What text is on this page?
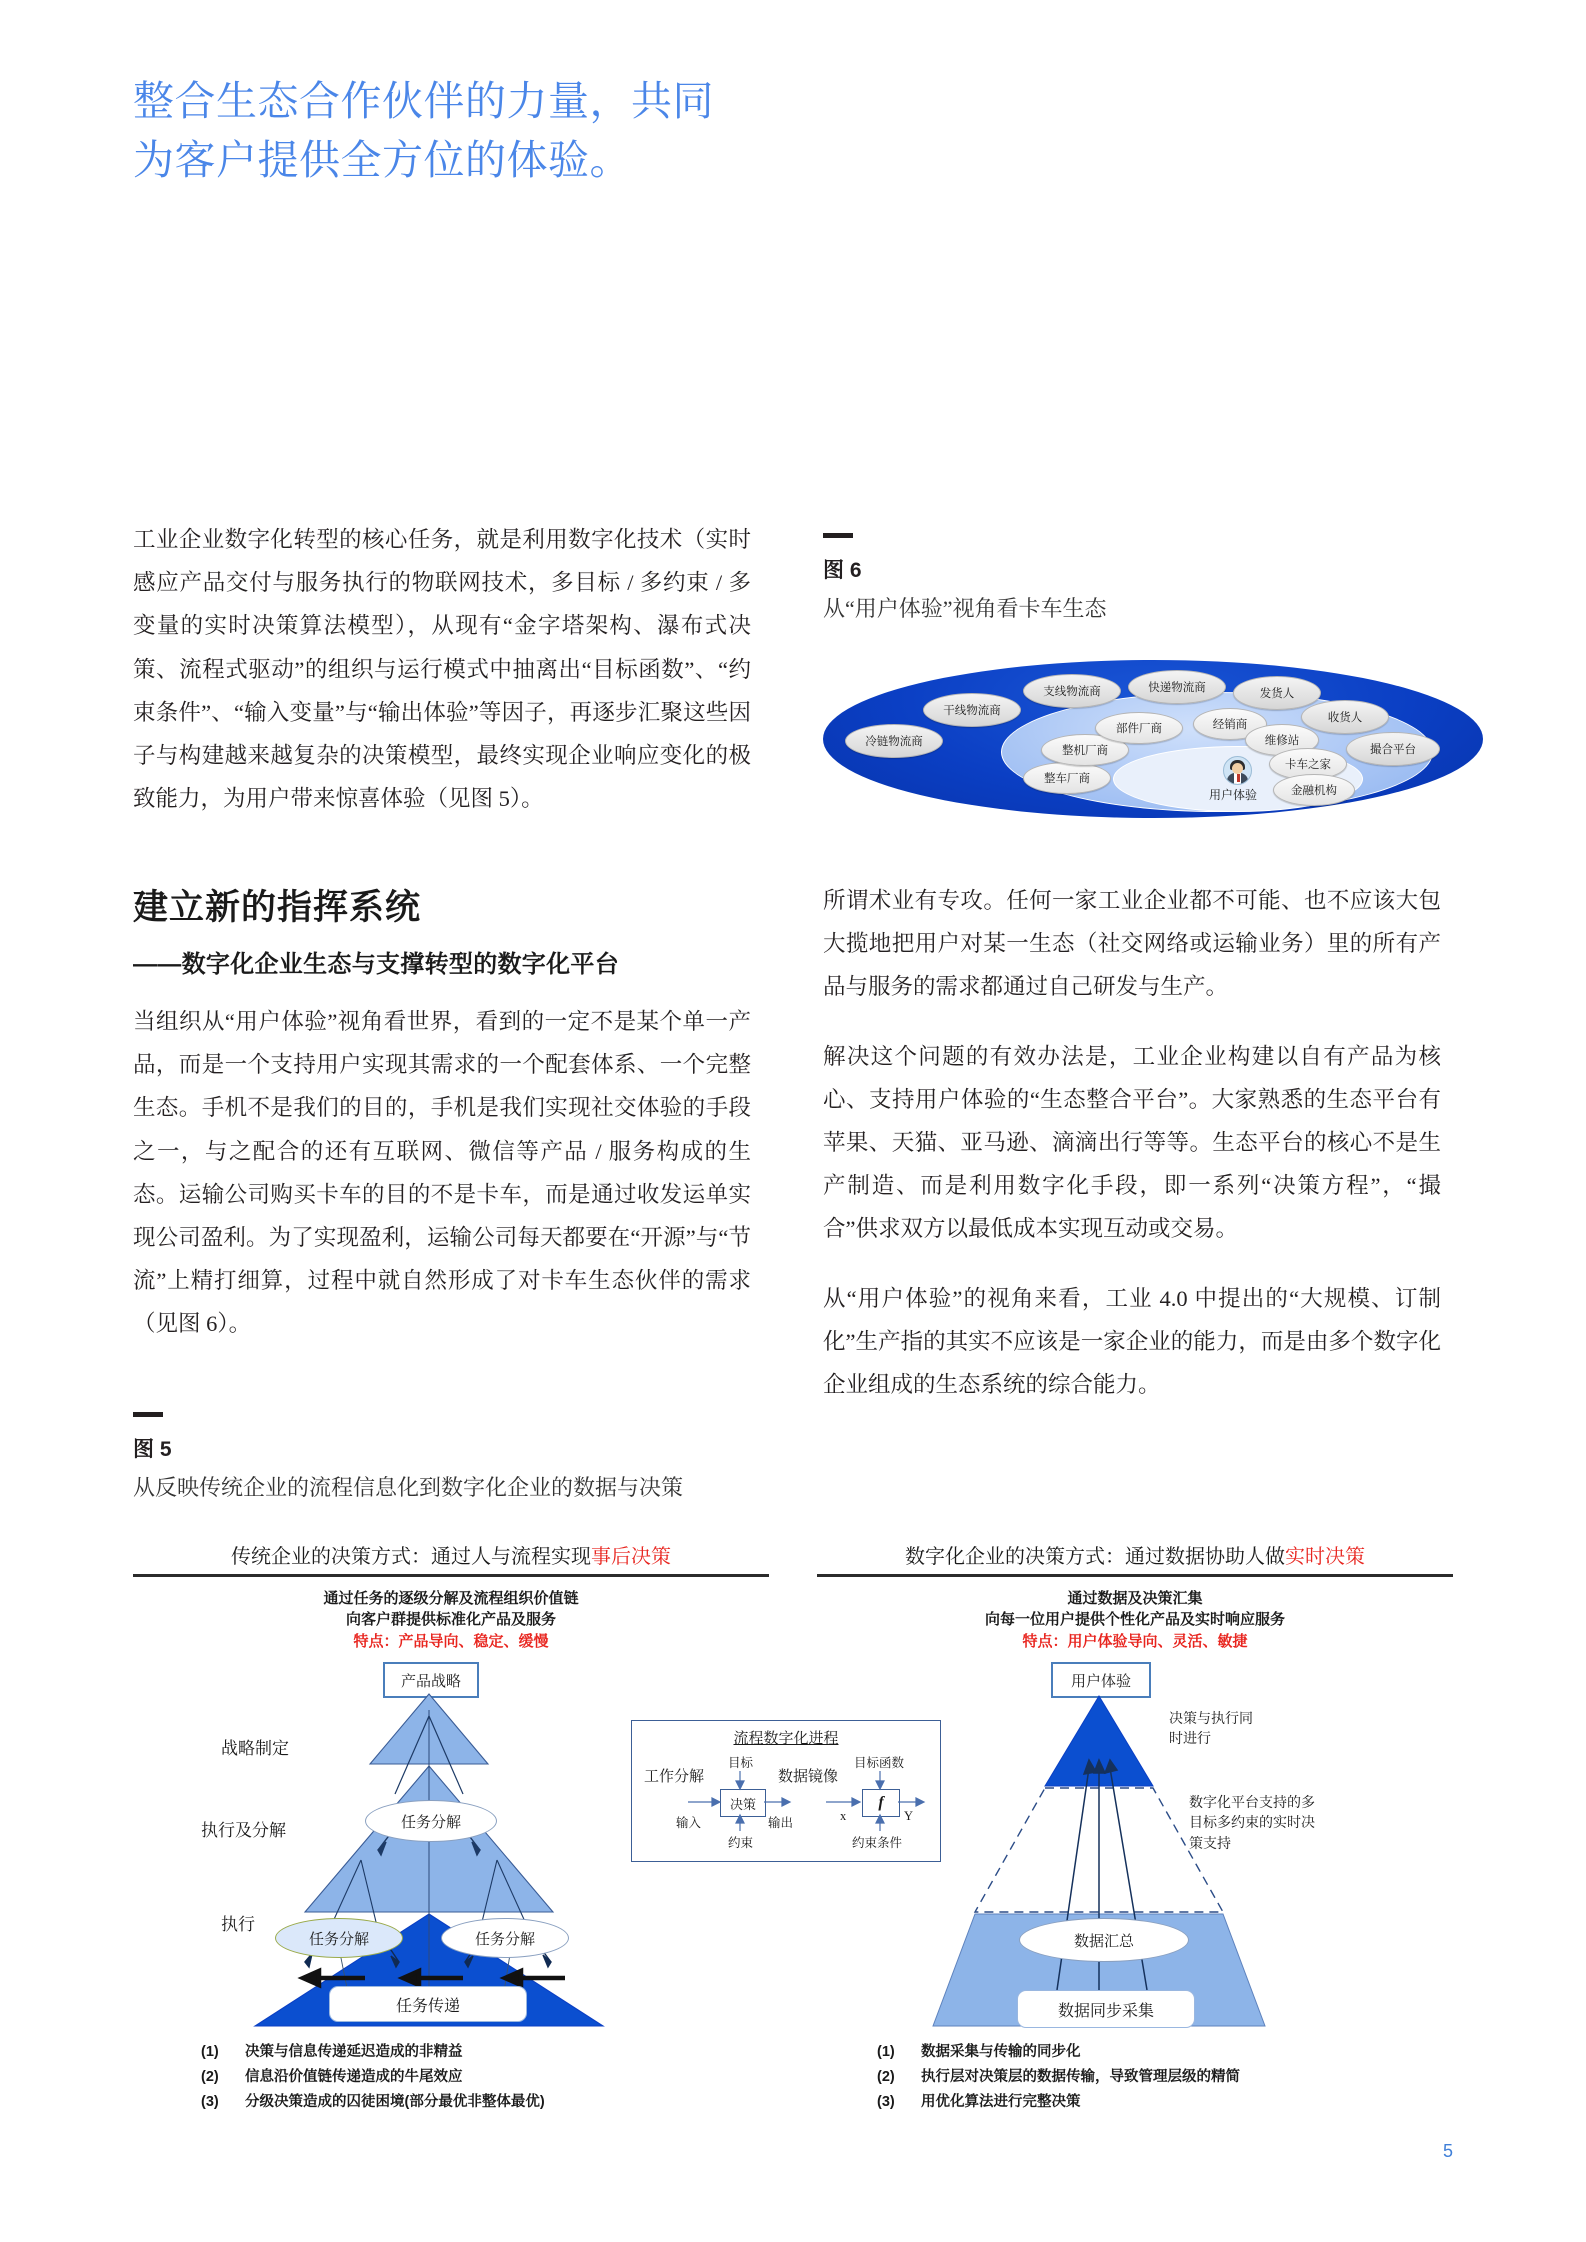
整合生态合作伙伴的力量，共同
为客户提供全方位的体验。

工业企业数字化转型的核心任务，就是利用数字化技术（实时感应产品交付与服务执行的物联网技术，多目标 / 多约束 / 多变量的实时决策算法模型），从现有“金字塔架构、瀑布式决策、流程式驱动”的组织与运行模式中抽离出“目标函数”、“约束条件”、“输入变量”与“输出体验”等因子，再逐步汇聚这些因子与构建越来越复杂的决策模型，最终实现企业响应变化的极致能力，为用户带来惊喜体验（见图 5）。

建立新的指挥系统
——数字化企业生态与支撑转型的数字化平台

当组织从“用户体验”视角看世界，看到的一定不是某个单一产品，而是一个支持用户实现其需求的一个配套体系、一个完整生态。手机不是我们的目的，手机是我们实现社交体验的手段之一，与之配合的还有互联网、微信等产品 / 服务构成的生态。运输公司购买卡车的目的不是卡车，而是通过收发运单实现公司盈利。为了实现盈利，运输公司每天都要在“开源”与“节流”上精打细算，过程中就自然形成了对卡车生态伙伴的需求（见图 6）。

图 6
从“用户体验”视角看卡车生态
冷链物流商
干线物流商
支线物流商	快递物流商	发货人
收货人
撮合平台
整车厂商
整机厂商
部件厂商	经销商
维修站
卡车之家
金融机构
用户体验

所谓术业有专攻。任何一家工业企业都不可能、也不应该大包大揽地把用户对某一生态（社交网络或运输业务）里的所有产品与服务的需求都通过自己研发与生产。

解决这个问题的有效办法是，工业企业构建以自有产品为核心、支持用户体验的“生态整合平台”。大家熟悉的生态平台有苹果、天猫、亚马逊、滴滴出行等等。生态平台的核心不是生产制造、而是利用数字化手段，即一系列“决策方程”，“撮合”供求双方以最低成本实现互动或交易。

从“用户体验”的视角来看，工业 4.0 中提出的“大规模、订制化”生产指的其实不应该是一家企业的能力，而是由多个数字化企业组成的生态系统的综合能力。

图 5
从反映传统企业的流程信息化到数字化企业的数据与决策
传统企业的决策方式：通过人与流程实现事后决策
通过任务的逐级分解及流程组织价值链
向客户群提供标准化产品及服务
特点：产品导向、稳定、缓慢
产品战略
战略制定
执行及分解
执行
任务分解
任务分解	任务分解
任务传递
(1)	决策与信息传递延迟造成的非精益
(2)	信息沿价值链传递造成的牛尾效应
(3)	分级决策造成的囚徒困境(部分最优非整体最优)
流程数字化进程
工作分解
目标
决策
输入	输出
约束
数据镜像
目标函数
f
x	Y
约束条件
数字化企业的决策方式：通过数据协助人做实时决策
通过数据及决策汇集
向每一位用户提供个性化产品及实时响应服务
特点：用户体验导向、灵活、敏捷
用户体验
决策与执行同
时进行
数字化平台支持的多
目标多约束的实时决
策支持
数据汇总
数据同步采集
(1)	数据采集与传输的同步化
(2)	执行层对决策层的数据传输，导致管理层级的精简
(3)	用优化算法进行完整决策
5
